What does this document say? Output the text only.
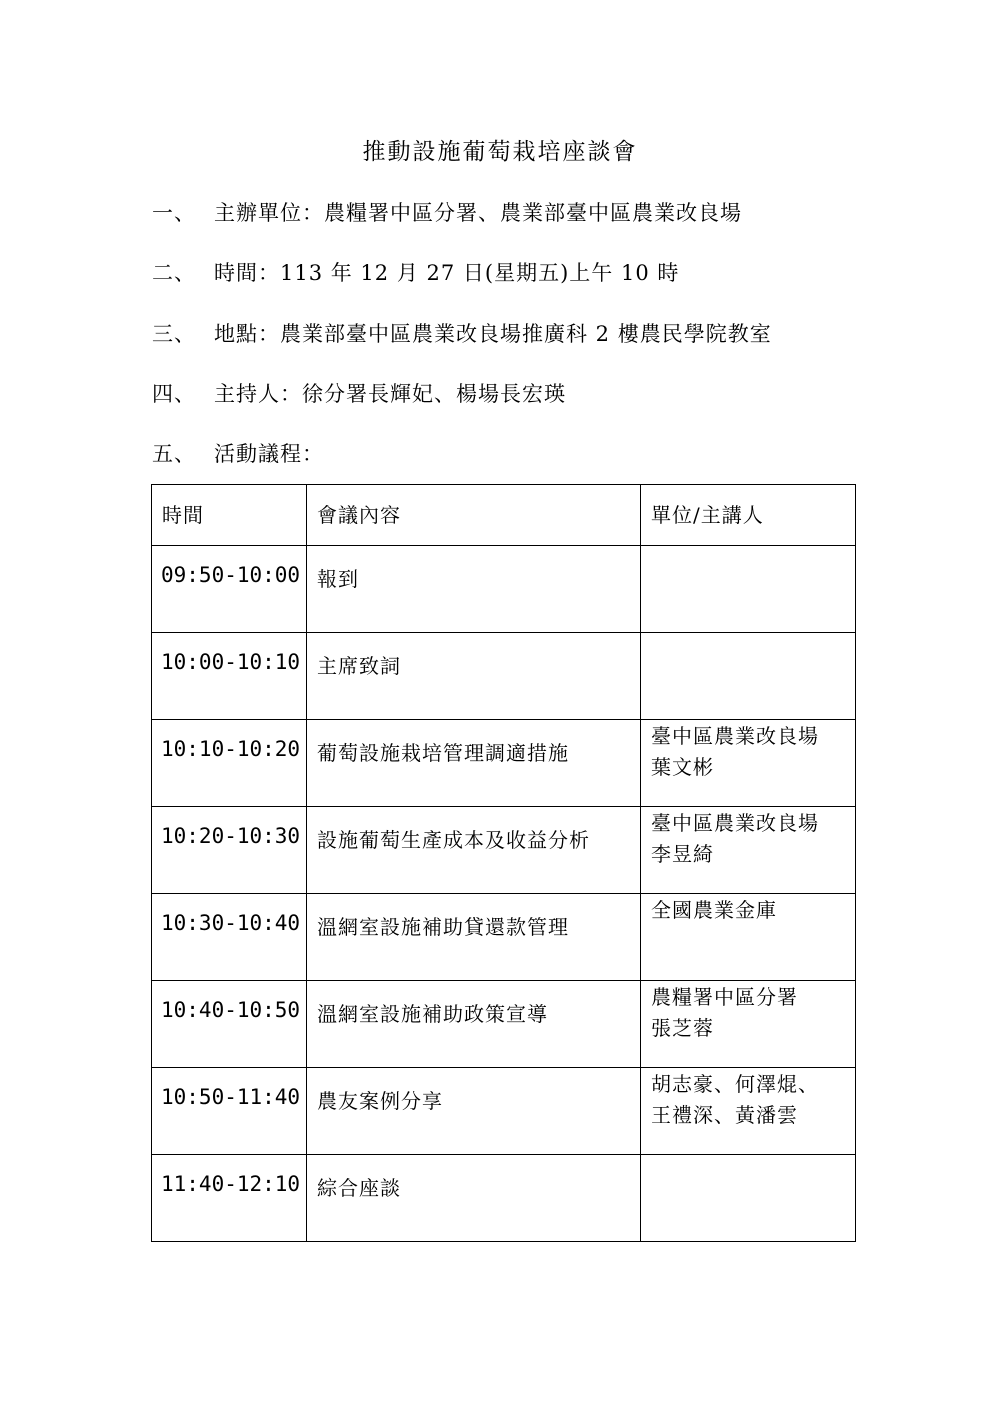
推動設施葡萄栽培座談會
一、 主辦單位：農糧署中區分署、農業部臺中區農業改良場
二、 時間：113 年 12 月 27 日(星期五)上午 10 時
三、 地點：農業部臺中區農業改良場推廣科 2 樓農民學院教室
四、 主持人：徐分署長輝妃、楊場長宏瑛
五、 活動議程：
時間	會議內容	單位/主講人

09:50-10:00	報到	

10:00-10:10	主席致詞	

10:10-10:20	葡萄設施栽培管理調適措施	臺中區農業改良場
葉文彬

10:20-10:30	設施葡萄生產成本及收益分析	臺中區農業改良場
李昱綺

10:30-10:40	溫網室設施補助貸還款管理	全國農業金庫

10:40-10:50	溫網室設施補助政策宣導	農糧署中區分署
張芝蓉

10:50-11:40	農友案例分享	胡志豪、何澤焜、
王禮深、黃潘雲

11:40-12:10	綜合座談	
